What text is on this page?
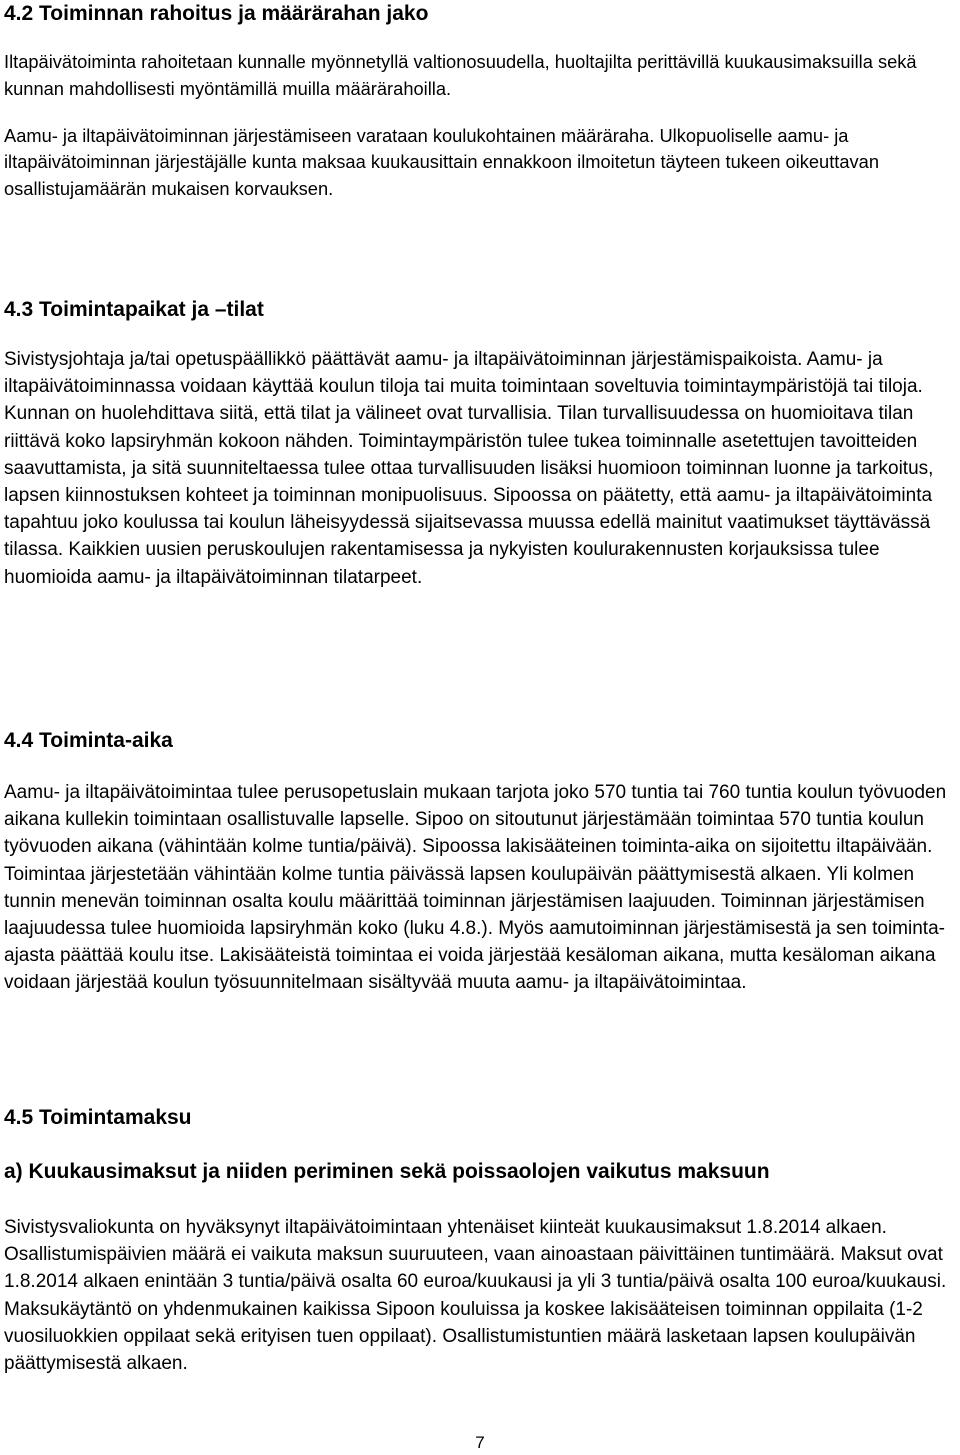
4.2 Toiminnan rahoitus ja määrärahan jako

Iltapäivätoiminta rahoitetaan kunnalle myönnetyllä valtionosuudella, huoltajilta perittävillä kuukausimaksuilla sekä kunnan mahdollisesti myöntämillä muilla määrärahoilla.

Aamu- ja iltapäivätoiminnan järjestämiseen varataan koulukohtainen määräraha. Ulkopuoliselle aamu- ja iltapäivätoiminnan järjestäjälle kunta maksaa kuukausittain ennakkoon ilmoitetun täyteen tukeen oikeuttavan osallistujamäärän mukaisen korvauksen.

4.3 Toimintapaikat ja –tilat

Sivistysjohtaja ja/tai opetuspäällikkö päättävät aamu- ja iltapäivätoiminnan järjestämispaikoista. Aamu- ja iltapäivätoiminnassa voidaan käyttää koulun tiloja tai muita toimintaan soveltuvia toimintaympäristöjä tai tiloja. Kunnan on huolehdittava siitä, että tilat ja välineet ovat turvallisia. Tilan turvallisuudessa on huomioitava tilan riittävä koko lapsiryhmän kokoon nähden. Toimintaympäristön tulee tukea toiminnalle asetettujen tavoitteiden saavuttamista, ja sitä suunniteltaessa tulee ottaa turvallisuuden lisäksi huomioon toiminnan luonne ja tarkoitus, lapsen kiinnostuksen kohteet ja toiminnan monipuolisuus. Sipoossa on päätetty, että aamu- ja iltapäivätoiminta tapahtuu joko koulussa tai koulun läheisyydessä sijaitsevassa muussa edellä mainitut vaatimukset täyttävässä tilassa. Kaikkien uusien peruskoulujen rakentamisessa ja nykyisten koulurakennusten korjauksissa tulee huomioida aamu- ja iltapäivätoiminnan tilatarpeet.

4.4 Toiminta-aika

Aamu- ja iltapäivätoimintaa tulee perusopetuslain mukaan tarjota joko 570 tuntia tai 760 tuntia koulun työvuoden aikana kullekin toimintaan osallistuvalle lapselle. Sipoo on sitoutunut järjestämään toimintaa 570 tuntia koulun työvuoden aikana (vähintään kolme tuntia/päivä). Sipoossa lakisääteinen toiminta-aika on sijoitettu iltapäivään. Toimintaa järjestetään vähintään kolme tuntia päivässä lapsen koulupäivän päättymisestä alkaen. Yli kolmen tunnin menevän toiminnan osalta koulu määrittää toiminnan järjestämisen laajuuden. Toiminnan järjestämisen laajuudessa tulee huomioida lapsiryhmän koko (luku 4.8.). Myös aamutoiminnan järjestämisestä ja sen toiminta-ajasta päättää koulu itse. Lakisääteistä toimintaa ei voida järjestää kesäloman aikana, mutta kesäloman aikana voidaan järjestää koulun työsuunnitelmaan sisältyvää muuta aamu- ja iltapäivätoimintaa.

4.5 Toimintamaksu
a) Kuukausimaksut ja niiden periminen sekä poissaolojen vaikutus maksuun

Sivistysvaliokunta on hyväksynyt iltapäivätoimintaan yhtenäiset kiinteät kuukausimaksut 1.8.2014 alkaen. Osallistumispäivien määrä ei vaikuta maksun suuruuteen, vaan ainoastaan päivittäinen tuntimäärä. Maksut ovat 1.8.2014 alkaen enintään 3 tuntia/päivä osalta 60 euroa/kuukausi ja yli 3 tuntia/päivä osalta 100 euroa/kuukausi. Maksukäytäntö on yhdenmukainen kaikissa Sipoon kouluissa ja koskee lakisääteisen toiminnan oppilaita (1-2 vuosiluokkien oppilaat sekä erityisen tuen oppilaat). Osallistumistuntien määrä lasketaan lapsen koulupäivän päättymisestä alkaen.

7
